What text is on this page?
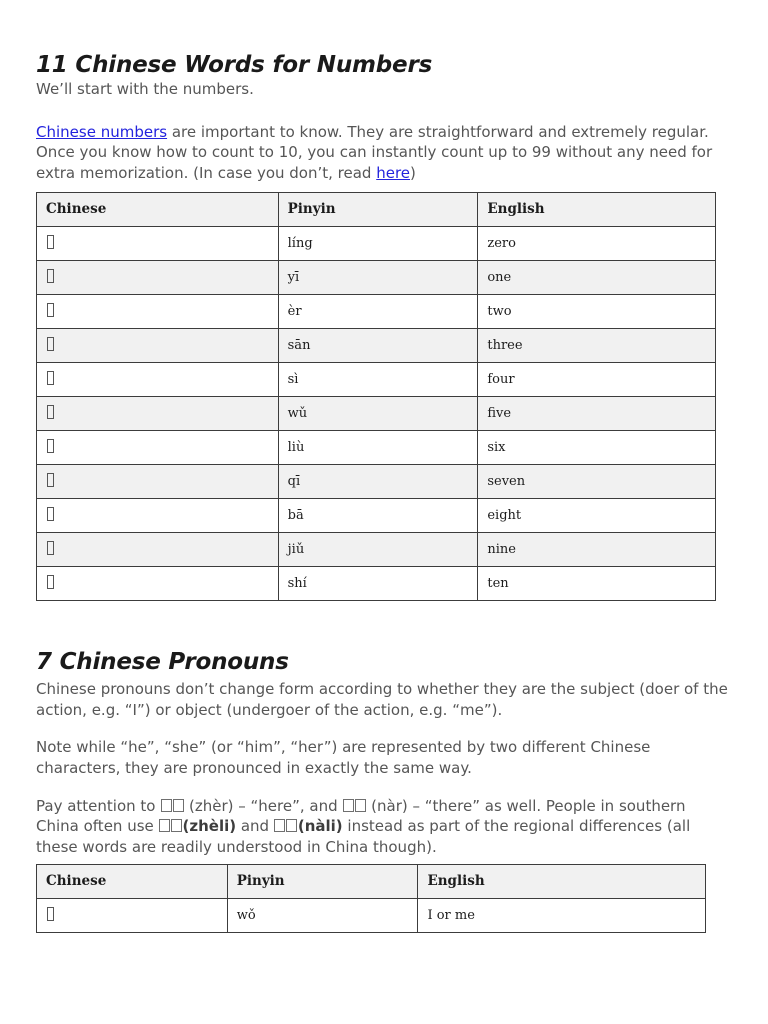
11 Chinese Words for Numbers

We’ll start with the numbers.

Chinese numbers are important to know. They are straightforward and extremely regular. Once you know how to count to 10, you can instantly count up to 99 without any need for extra memorization. (In case you don’t, read here)

Chinese	Pinyin	English
	líng	zero
	yī	one
	èr	two
	sān	three
	sì	four
	wǔ	five
	liù	six
	qī	seven
	bā	eight
	jiǔ	nine
	shí	ten
7 Chinese Pronouns

Chinese pronouns don’t change form according to whether they are the subject (doer of the action, e.g. “I”) or object (undergoer of the action, e.g. “me”).

Note while “he”, “she” (or “him”, “her”) are represented by two different Chinese characters, they are pronounced in exactly the same way.

Pay attention to  (zhèr) – “here”, and  (nàr) – “there” as well. People in southern China often use (zhèli) and (nàli) instead as part of the regional differences (all these words are readily understood in China though).

Chinese	Pinyin	English
	wǒ	I or me
